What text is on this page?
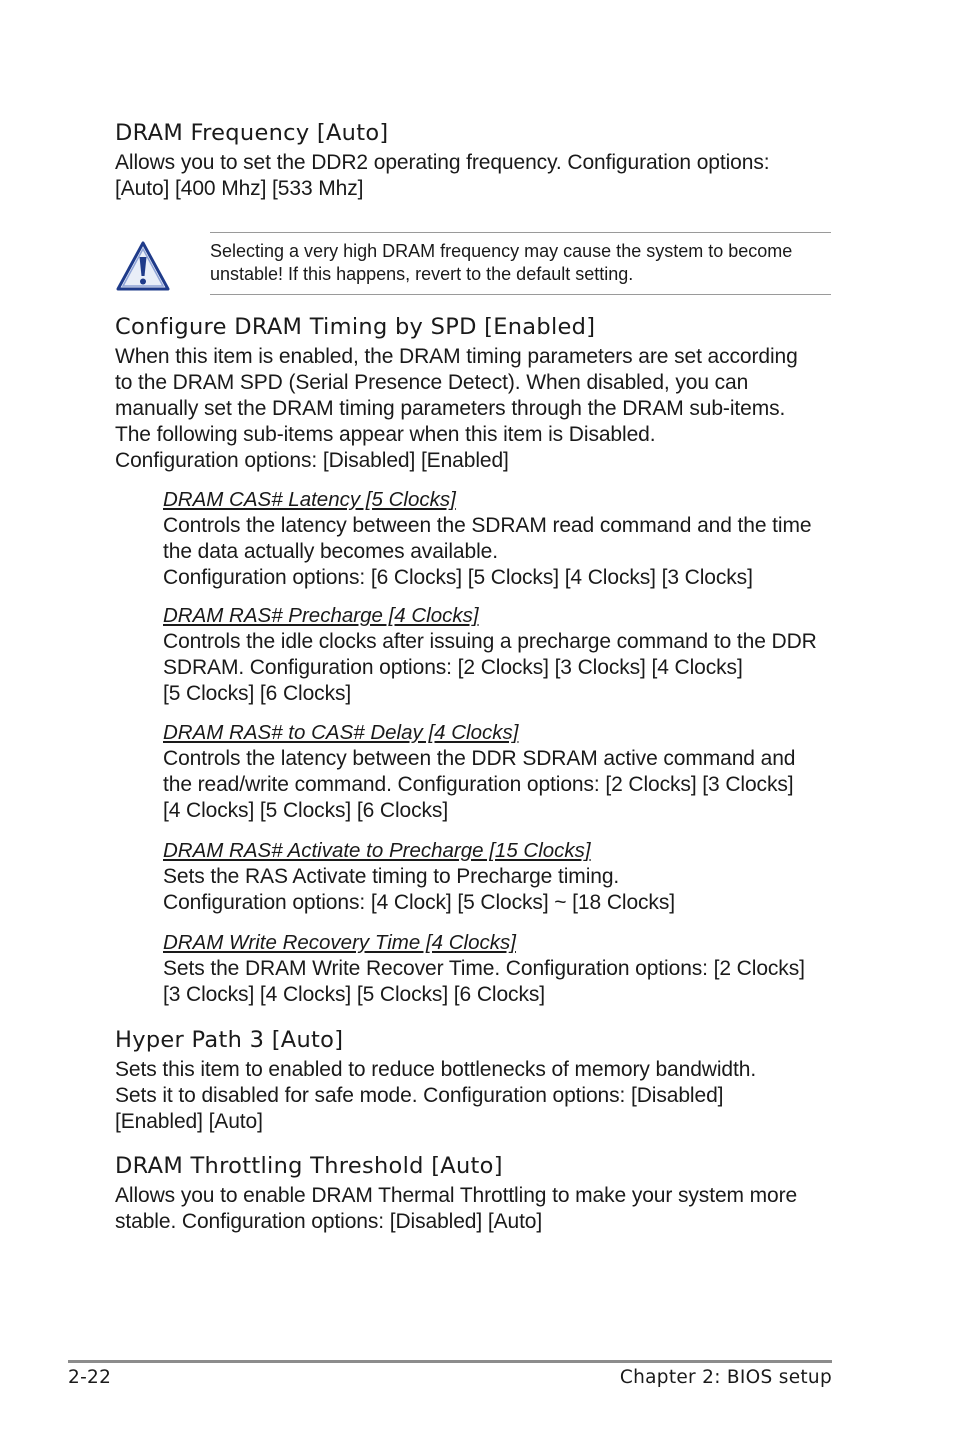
DRAM Frequency [Auto]

Allows you to set the DDR2 operating frequency. Configuration options:
[Auto] [400 Mhz] [533 Mhz]

Selecting a very high DRAM frequency may cause the system to become
unstable! If this happens, revert to the default setting.
Configure DRAM Timing by SPD [Enabled]

When this item is enabled, the DRAM timing parameters are set according
to the DRAM SPD (Serial Presence Detect). When disabled, you can
manually set the DRAM timing parameters through the DRAM sub-items.
The following sub-items appear when this item is Disabled.
Configuration options: [Disabled] [Enabled]

DRAM CAS# Latency [5 Clocks]

Controls the latency between the SDRAM read command and the time
the data actually becomes available.
Configuration options: [6 Clocks] [5 Clocks] [4 Clocks] [3 Clocks]

DRAM RAS# Precharge [4 Clocks]

Controls the idle clocks after issuing a precharge command to the DDR
SDRAM. Configuration options: [2 Clocks] [3 Clocks] [4 Clocks]
[5 Clocks] [6 Clocks]

DRAM RAS# to CAS# Delay [4 Clocks]

Controls the latency between the DDR SDRAM active command and
the read/write command. Configuration options: [2 Clocks] [3 Clocks]
[4 Clocks] [5 Clocks] [6 Clocks]

DRAM RAS# Activate to Precharge [15 Clocks]

Sets the RAS Activate timing to Precharge timing.
Configuration options: [4 Clock] [5 Clocks] ~ [18 Clocks]

DRAM Write Recovery Time [4 Clocks]

Sets the DRAM Write Recover Time. Configuration options: [2 Clocks]
[3 Clocks] [4 Clocks] [5 Clocks] [6 Clocks]

Hyper Path 3 [Auto]

Sets this item to enabled to reduce bottlenecks of memory bandwidth.
Sets it to disabled for safe mode. Configuration options: [Disabled]
[Enabled] [Auto]

DRAM Throttling Threshold [Auto]

Allows you to enable DRAM Thermal Throttling to make your system more
stable. Configuration options: [Disabled] [Auto]

2-22	Chapter 2: BIOS setup
